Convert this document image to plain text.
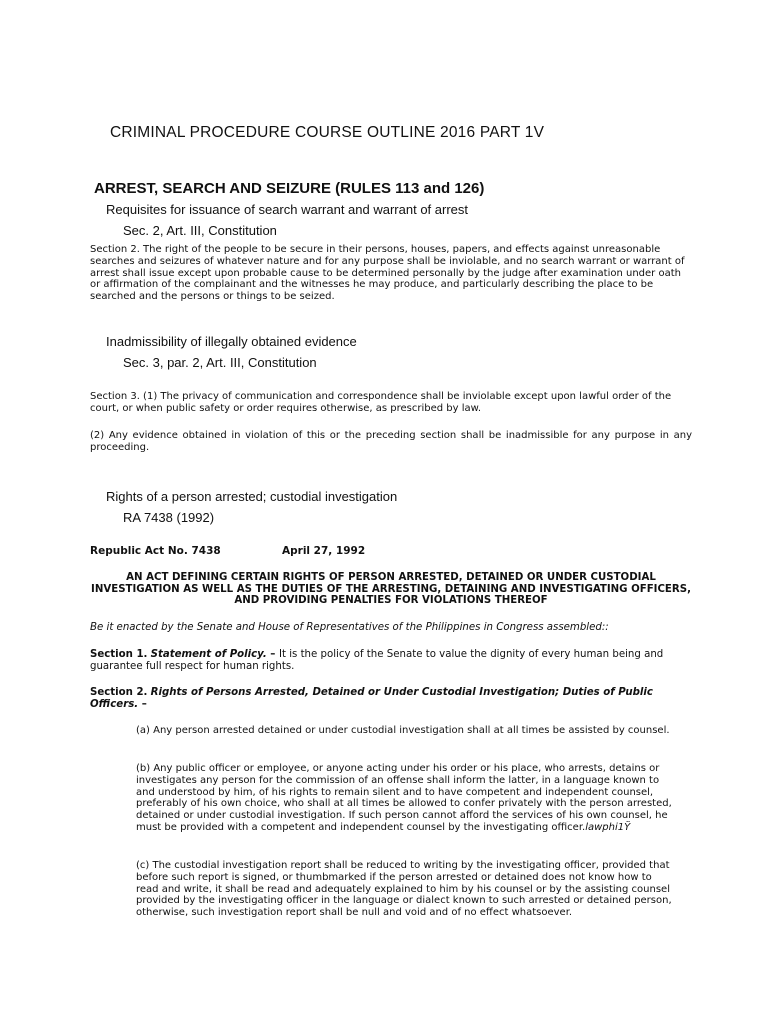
CRIMINAL PROCEDURE COURSE OUTLINE 2016 PART 1V

ARREST, SEARCH AND SEIZURE (RULES 113 and 126)

Requisites for issuance of search warrant and warrant of arrest

Sec. 2, Art. III, Constitution

Section 2. The right of the people to be secure in their persons, houses, papers, and effects against unreasonable searches and seizures of whatever nature and for any purpose shall be inviolable, and no search warrant or warrant of arrest shall issue except upon probable cause to be determined personally by the judge after examination under oath or affirmation of the complainant and the witnesses he may produce, and particularly describing the place to be searched and the persons or things to be seized.

Inadmissibility of illegally obtained evidence

Sec. 3, par. 2, Art. III, Constitution

Section 3. (1) The privacy of communication and correspondence shall be inviolable except upon lawful order of the court, or when public safety or order requires otherwise, as prescribed by law.

(2) Any evidence obtained in violation of this or the preceding section shall be inadmissible for any purpose in any proceeding.

Rights of a person arrested; custodial investigation

RA 7438 (1992)

Republic Act No. 7438	April 27, 1992

AN ACT DEFINING CERTAIN RIGHTS OF PERSON ARRESTED, DETAINED OR UNDER CUSTODIAL INVESTIGATION AS WELL AS THE DUTIES OF THE ARRESTING, DETAINING AND INVESTIGATING OFFICERS, AND PROVIDING PENALTIES FOR VIOLATIONS THEREOF

Be it enacted by the Senate and House of Representatives of the Philippines in Congress assembled::

Section 1. Statement of Policy. – It is the policy of the Senate to value the dignity of every human being and guarantee full respect for human rights.

Section 2. Rights of Persons Arrested, Detained or Under Custodial Investigation; Duties of Public Officers. –

(a) Any person arrested detained or under custodial investigation shall at all times be assisted by counsel.

(b) Any public officer or employee, or anyone acting under his order or his place, who arrests, detains or investigates any person for the commission of an offense shall inform the latter, in a language known to and understood by him, of his rights to remain silent and to have competent and independent counsel, preferably of his own choice, who shall at all times be allowed to confer privately with the person arrested, detained or under custodial investigation. If such person cannot afford the services of his own counsel, he must be provided with a competent and independent counsel by the investigating officer.lawphi1Ÿ

(c) The custodial investigation report shall be reduced to writing by the investigating officer, provided that before such report is signed, or thumbmarked if the person arrested or detained does not know how to read and write, it shall be read and adequately explained to him by his counsel or by the assisting counsel provided by the investigating officer in the language or dialect known to such arrested or detained person, otherwise, such investigation report shall be null and void and of no effect whatsoever.
